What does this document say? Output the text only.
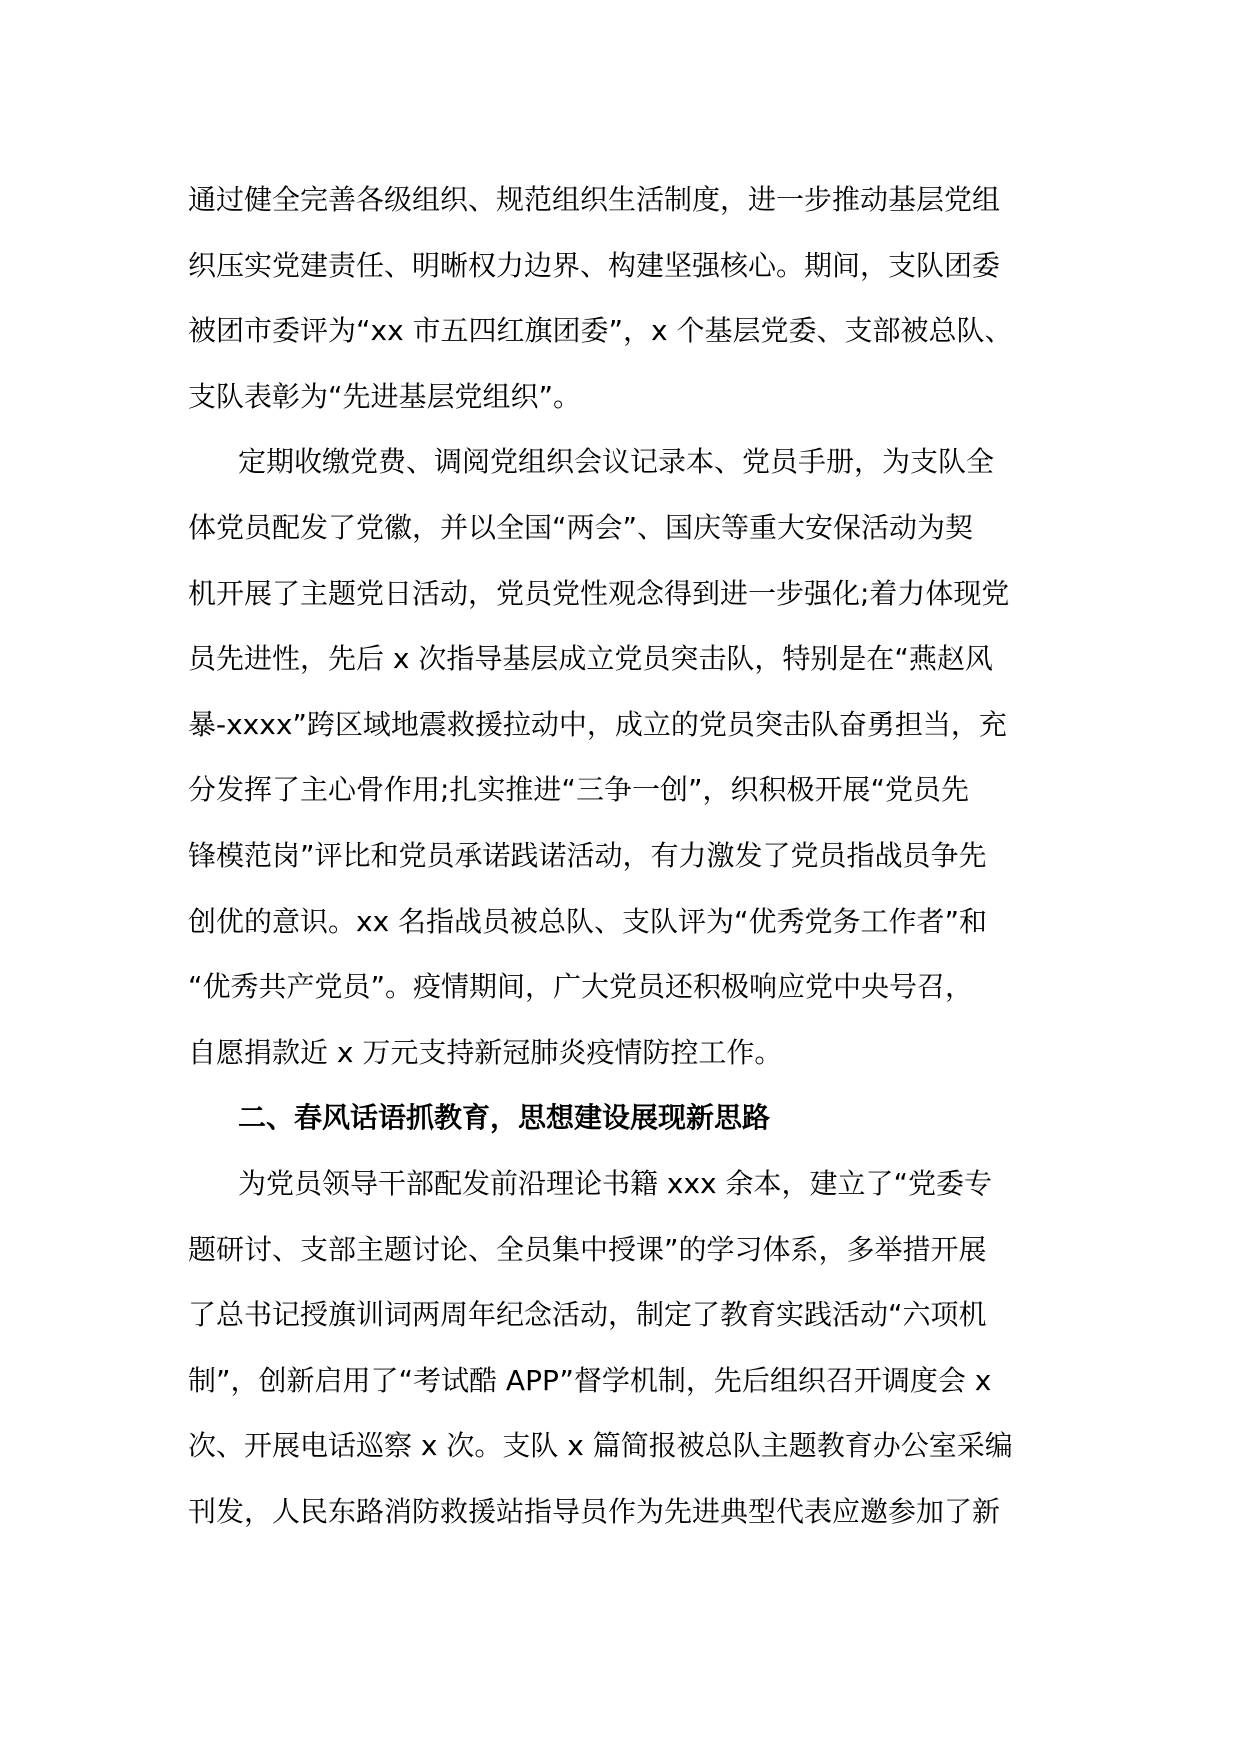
通过健全完善各级组织、规范组织生活制度，进一步推动基层党组
织压实党建责任、明晰权力边界、构建坚强核心。期间，支队团委
被团市委评为“xx 市五四红旗团委”，x 个基层党委、支部被总队、
支队表彰为“先进基层党组织”。
定期收缴党费、调阅党组织会议记录本、党员手册，为支队全
体党员配发了党徽，并以全国“两会”、国庆等重大安保活动为契
机开展了主题党日活动，党员党性观念得到进一步强化;着力体现党
员先进性，先后 x 次指导基层成立党员突击队，特别是在“燕赵风
暴-xxxx”跨区域地震救援拉动中，成立的党员突击队奋勇担当，充
分发挥了主心骨作用;扎实推进“三争一创”，织积极开展“党员先
锋模范岗”评比和党员承诺践诺活动，有力激发了党员指战员争先
创优的意识。xx 名指战员被总队、支队评为“优秀党务工作者”和
“优秀共产党员”。疫情期间，广大党员还积极响应党中央号召，
自愿捐款近 x 万元支持新冠肺炎疫情防控工作。
二、春风话语抓教育，思想建设展现新思路
为党员领导干部配发前沿理论书籍 xxx 余本，建立了“党委专
题研讨、支部主题讨论、全员集中授课”的学习体系，多举措开展
了总书记授旗训词两周年纪念活动，制定了教育实践活动“六项机
制”，创新启用了“考试酷 APP”督学机制，先后组织召开调度会 x
次、开展电话巡察 x 次。支队 x 篇简报被总队主题教育办公室采编
刊发，人民东路消防救援站指导员作为先进典型代表应邀参加了新
